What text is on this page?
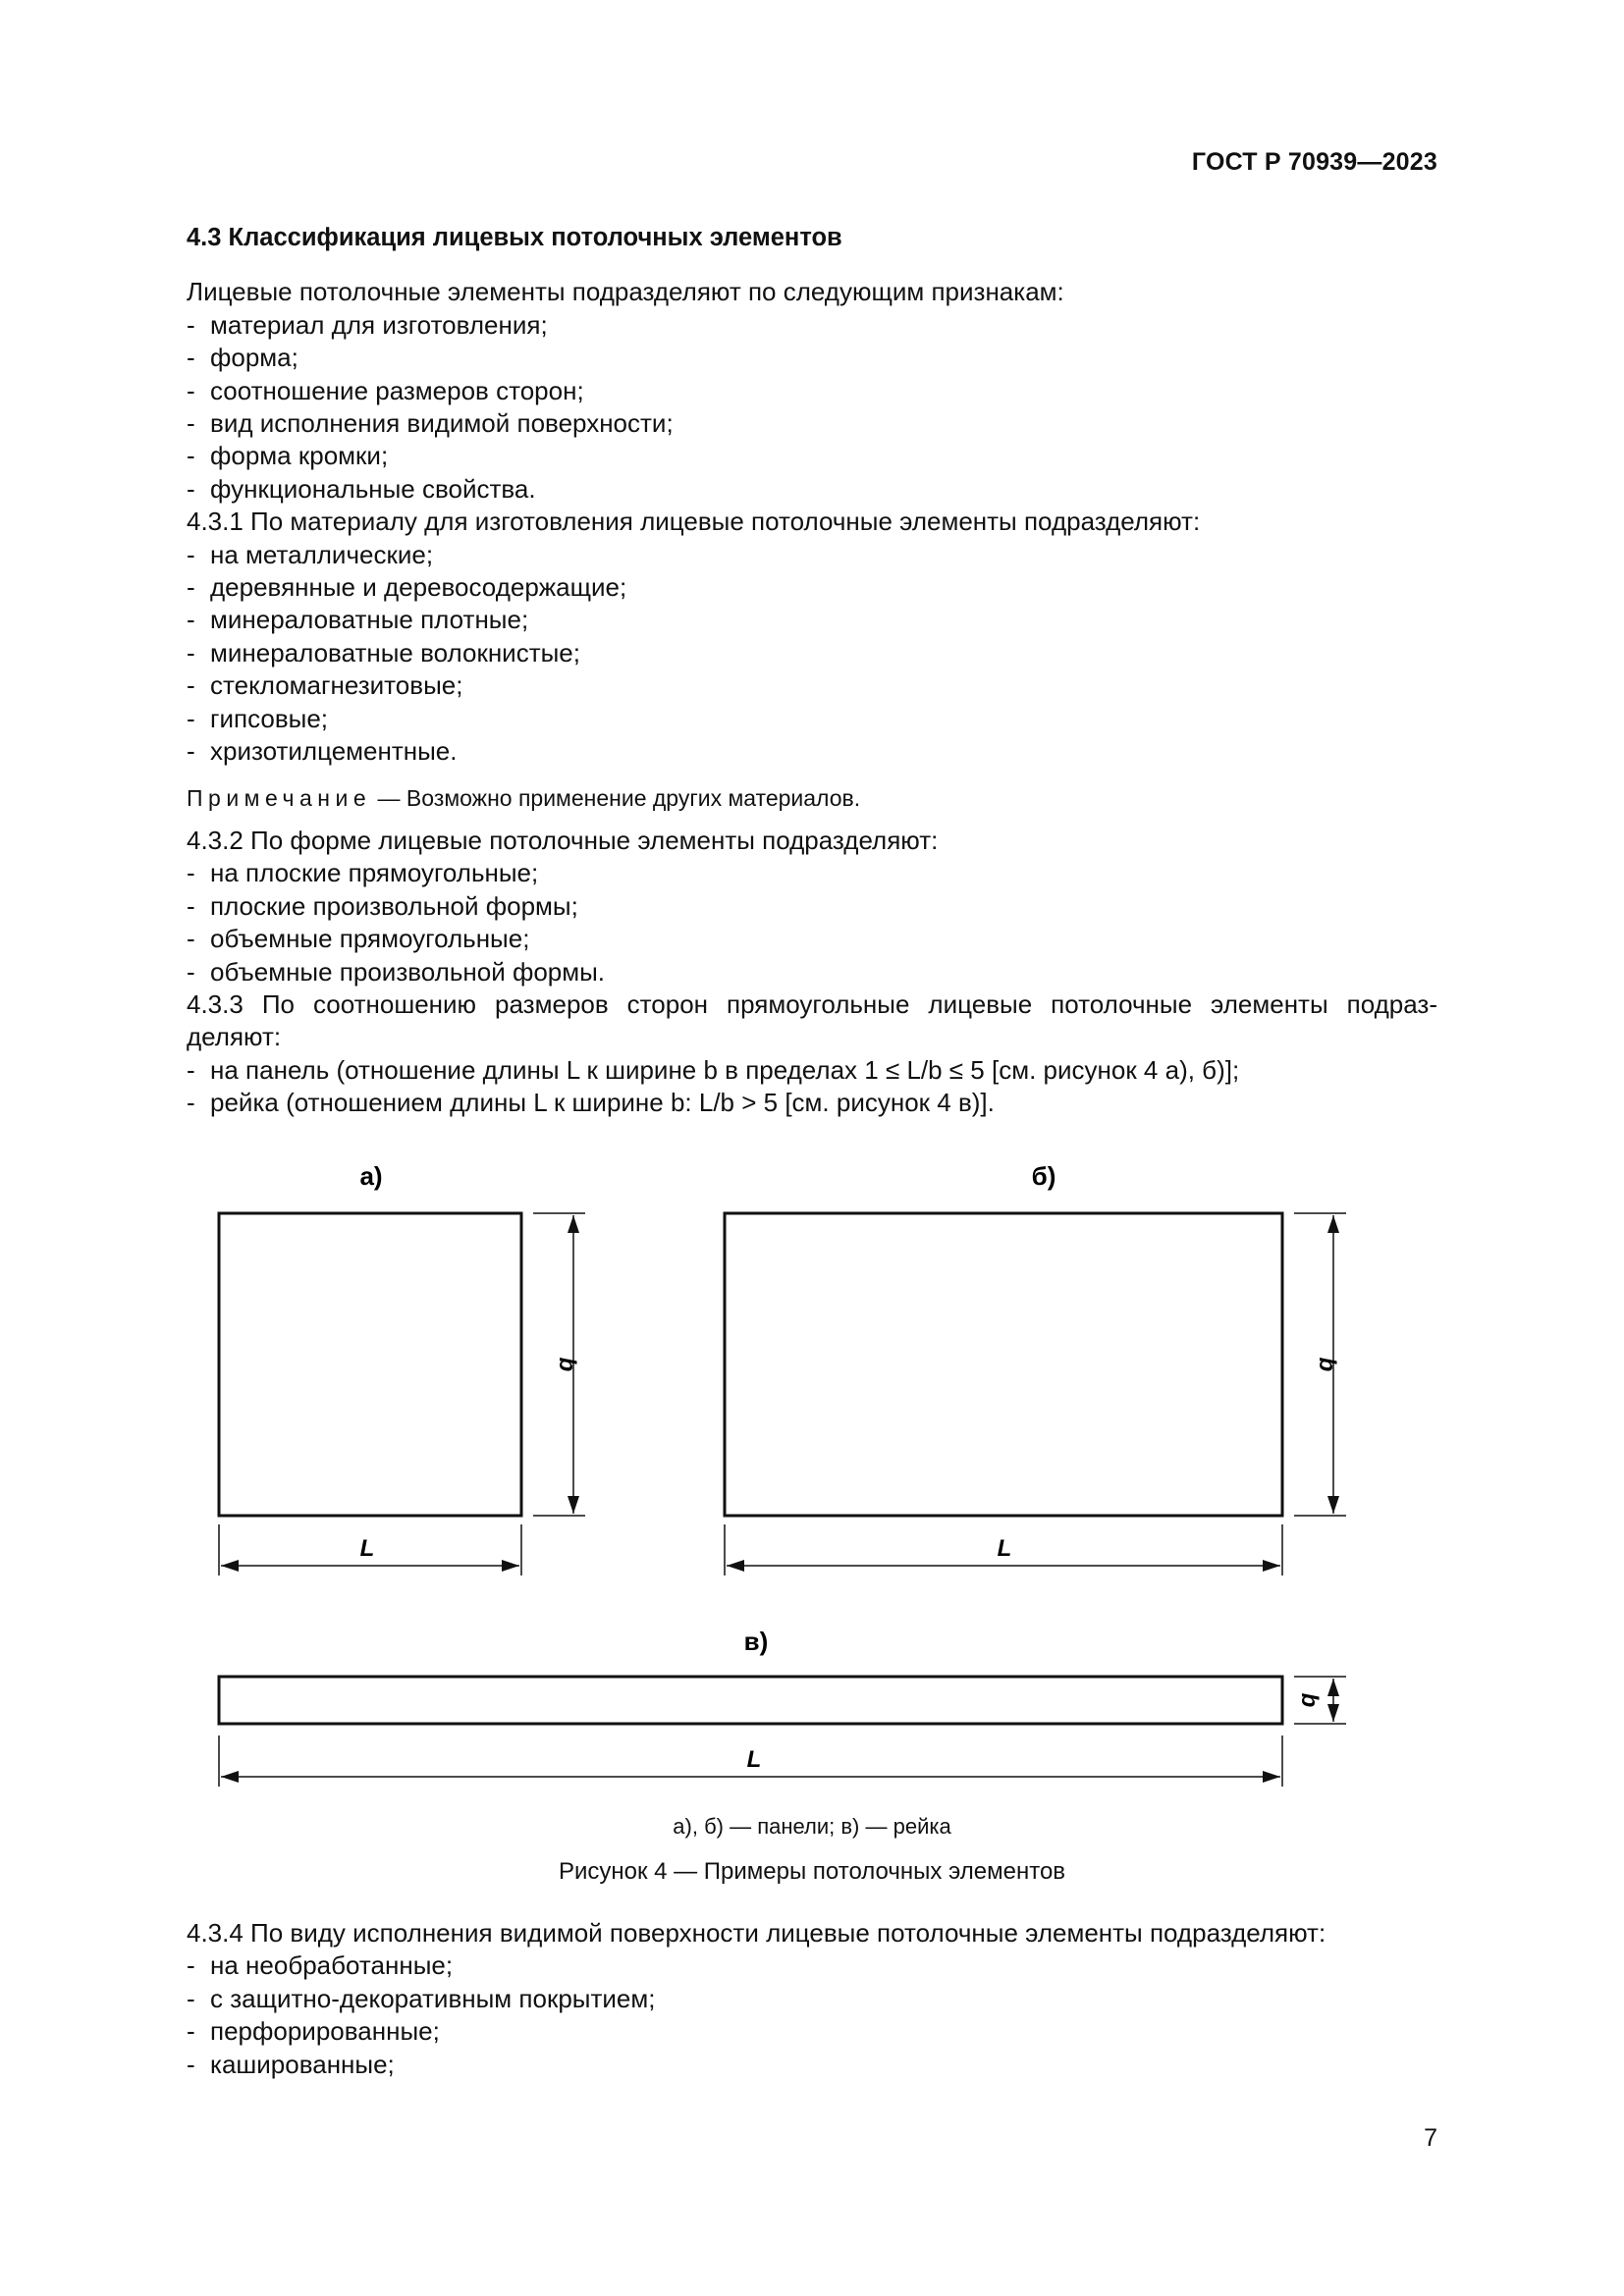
ГОСТ Р 70939—2023
4.3 Классификация лицевых потолочных элементов

Лицевые потолочные элементы подразделяют по следующим признакам:

- материал для изготовления;
- форма;
- соотношение размеров сторон;
- вид исполнения видимой поверхности;
- форма кромки;
- функциональные свойства.

4.3.1 По материалу для изготовления лицевые потолочные элементы подразделяют:

- на металлические;
- деревянные и деревосодержащие;
- минераловатные плотные;
- минераловатные волокнистые;
- стекломагнезитовые;
- гипсовые;
- хризотилцементные.
Примечание — Возможно применение других материалов.

4.3.2 По форме лицевые потолочные элементы подразделяют:

- на плоские прямоугольные;
- плоские произвольной формы;
- объемные прямоугольные;
- объемные произвольной формы.
4.3.3 По соотношению размеров сторон прямоугольные лицевые потолочные элементы подраз-
деляют:
- на панель (отношение длины L к ширине b в пределах 1 ≤ L/b ≤ 5 [см. рисунок 4 а), б)];
- рейка (отношением длины L к ширине b: L/b > 5 [см. рисунок 4 в)].
а)	б)
L
b
L
b
в)
L
b
а), б) — панели; в) — рейка
Рисунок 4 — Примеры потолочных элементов

4.3.4 По виду исполнения видимой поверхности лицевые потолочные элементы подразделяют:

- на необработанные;
- с защитно-декоративным покрытием;
- перфорированные;
- кашированные;
7
